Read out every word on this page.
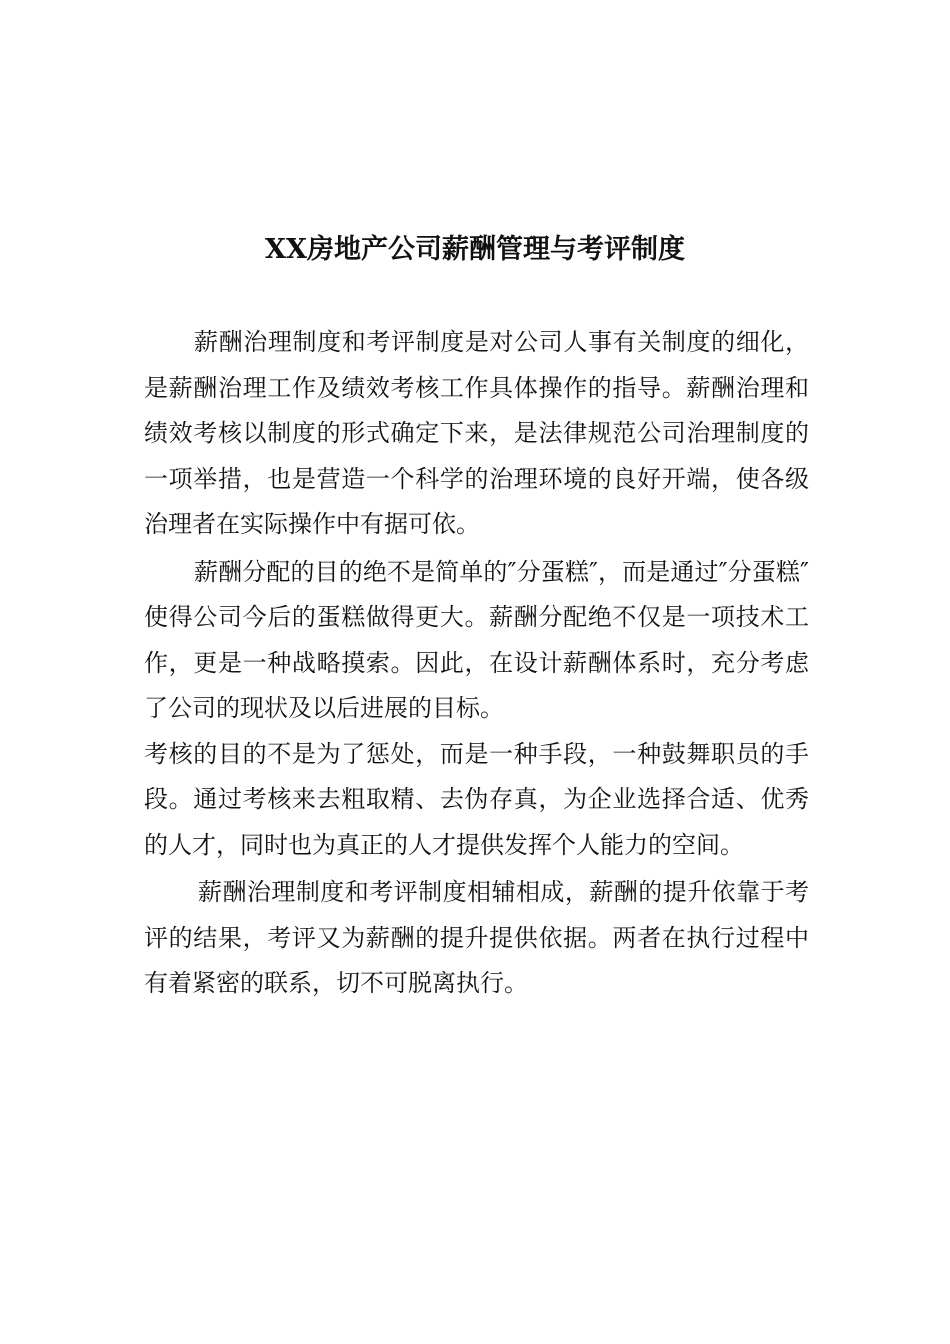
XX房地产公司薪酬管理与考评制度

薪酬治理制度和考评制度是对公司人事有关制度的细化，是薪酬治理工作及绩效考核工作具体操作的指导。薪酬治理和绩效考核以制度的形式确定下来，是法律规范公司治理制度的一项举措，也是营造一个科学的治理环境的良好开端，使各级治理者在实际操作中有据可依。

薪酬分配的目的绝不是简单的″分蛋糕″，而是通过″分蛋糕″使得公司今后的蛋糕做得更大。薪酬分配绝不仅是一项技术工作，更是一种战略摸索。因此，在设计薪酬体系时，充分考虑了公司的现状及以后进展的目标。

考核的目的不是为了惩处，而是一种手段，一种鼓舞职员的手段。通过考核来去粗取精、去伪存真，为企业选择合适、优秀的人才，同时也为真正的人才提供发挥个人能力的空间。

薪酬治理制度和考评制度相辅相成，薪酬的提升依靠于考评的结果，考评又为薪酬的提升提供依据。两者在执行过程中有着紧密的联系，切不可脱离执行。
